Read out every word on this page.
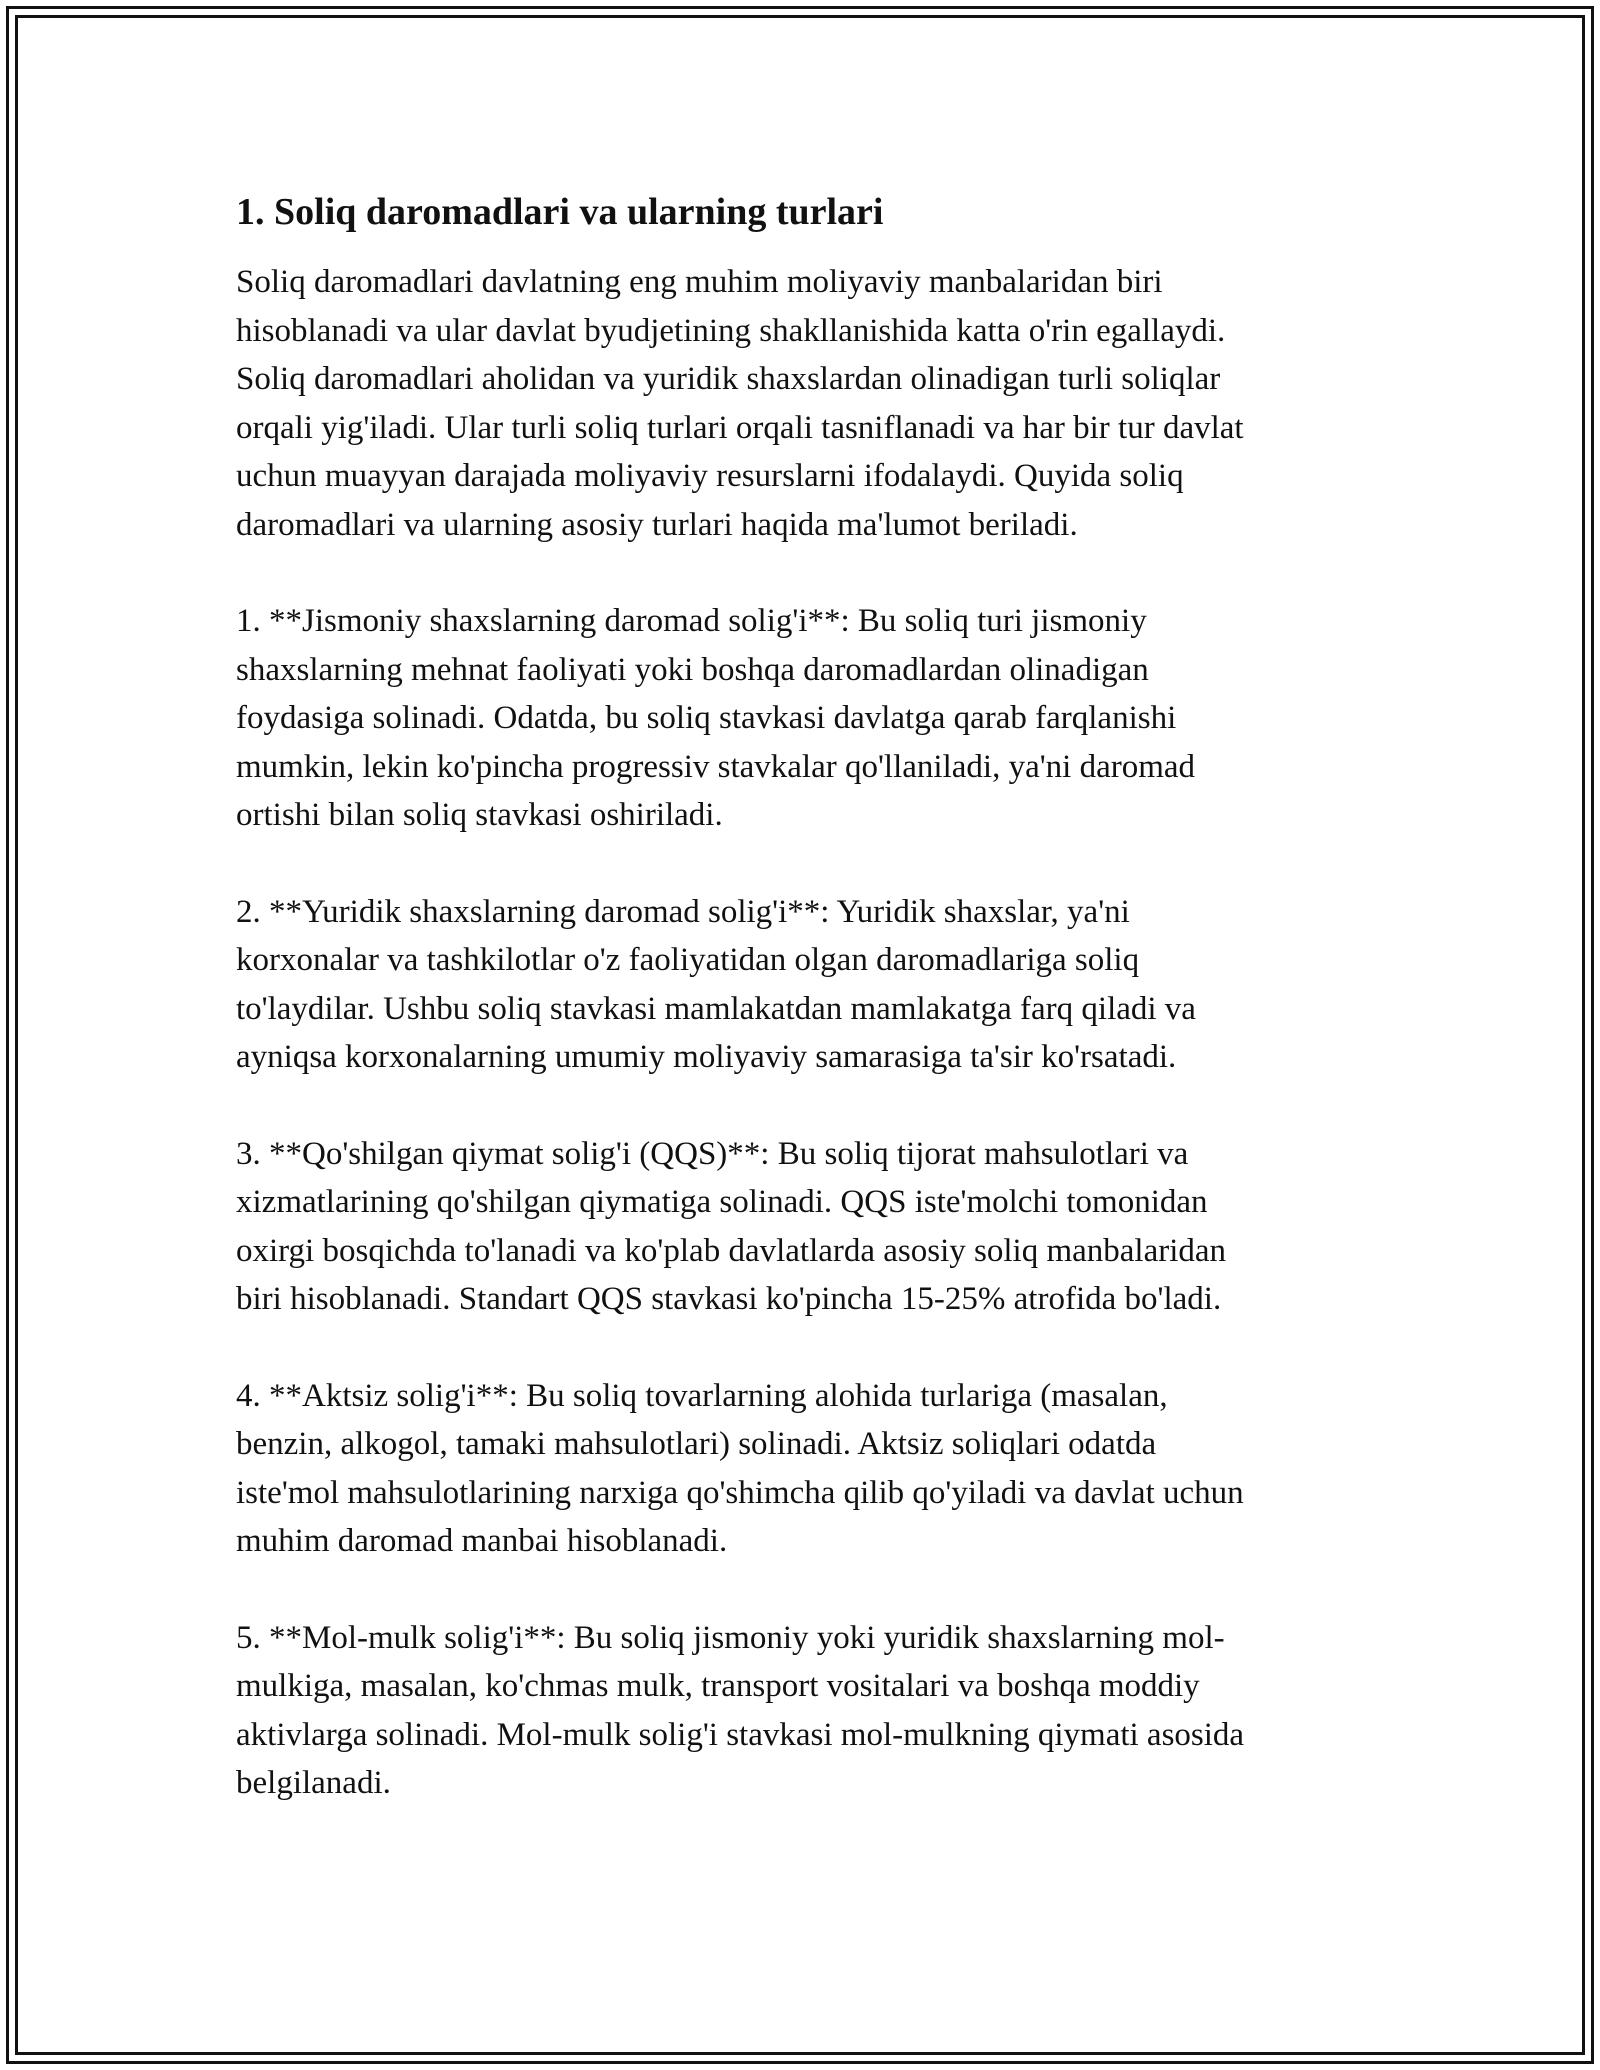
1. Soliq daromadlari va ularning turlari

Soliq daromadlari davlatning eng muhim moliyaviy manbalaridan biri
hisoblanadi va ular davlat byudjetining shakllanishida katta o'rin egallaydi.
Soliq daromadlari aholidan va yuridik shaxslardan olinadigan turli soliqlar
orqali yig'iladi. Ular turli soliq turlari orqali tasniflanadi va har bir tur davlat
uchun muayyan darajada moliyaviy resurslarni ifodalaydi. Quyida soliq
daromadlari va ularning asosiy turlari haqida ma'lumot beriladi.

1. **Jismoniy shaxslarning daromad solig'i**: Bu soliq turi jismoniy
shaxslarning mehnat faoliyati yoki boshqa daromadlardan olinadigan
foydasiga solinadi. Odatda, bu soliq stavkasi davlatga qarab farqlanishi
mumkin, lekin ko'pincha progressiv stavkalar qo'llaniladi, ya'ni daromad
ortishi bilan soliq stavkasi oshiriladi.

2. **Yuridik shaxslarning daromad solig'i**: Yuridik shaxslar, ya'ni
korxonalar va tashkilotlar o'z faoliyatidan olgan daromadlariga soliq
to'laydilar. Ushbu soliq stavkasi mamlakatdan mamlakatga farq qiladi va
ayniqsa korxonalarning umumiy moliyaviy samarasiga ta'sir ko'rsatadi.

3. **Qo'shilgan qiymat solig'i (QQS)**: Bu soliq tijorat mahsulotlari va
xizmatlarining qo'shilgan qiymatiga solinadi. QQS iste'molchi tomonidan
oxirgi bosqichda to'lanadi va ko'plab davlatlarda asosiy soliq manbalaridan
biri hisoblanadi. Standart QQS stavkasi ko'pincha 15-25% atrofida bo'ladi.

4. **Aktsiz solig'i**: Bu soliq tovarlarning alohida turlariga (masalan,
benzin, alkogol, tamaki mahsulotlari) solinadi. Aktsiz soliqlari odatda
iste'mol mahsulotlarining narxiga qo'shimcha qilib qo'yiladi va davlat uchun
muhim daromad manbai hisoblanadi.

5. **Mol-mulk solig'i**: Bu soliq jismoniy yoki yuridik shaxslarning mol-
mulkiga, masalan, ko'chmas mulk, transport vositalari va boshqa moddiy
aktivlarga solinadi. Mol-mulk solig'i stavkasi mol-mulkning qiymati asosida
belgilanadi.
